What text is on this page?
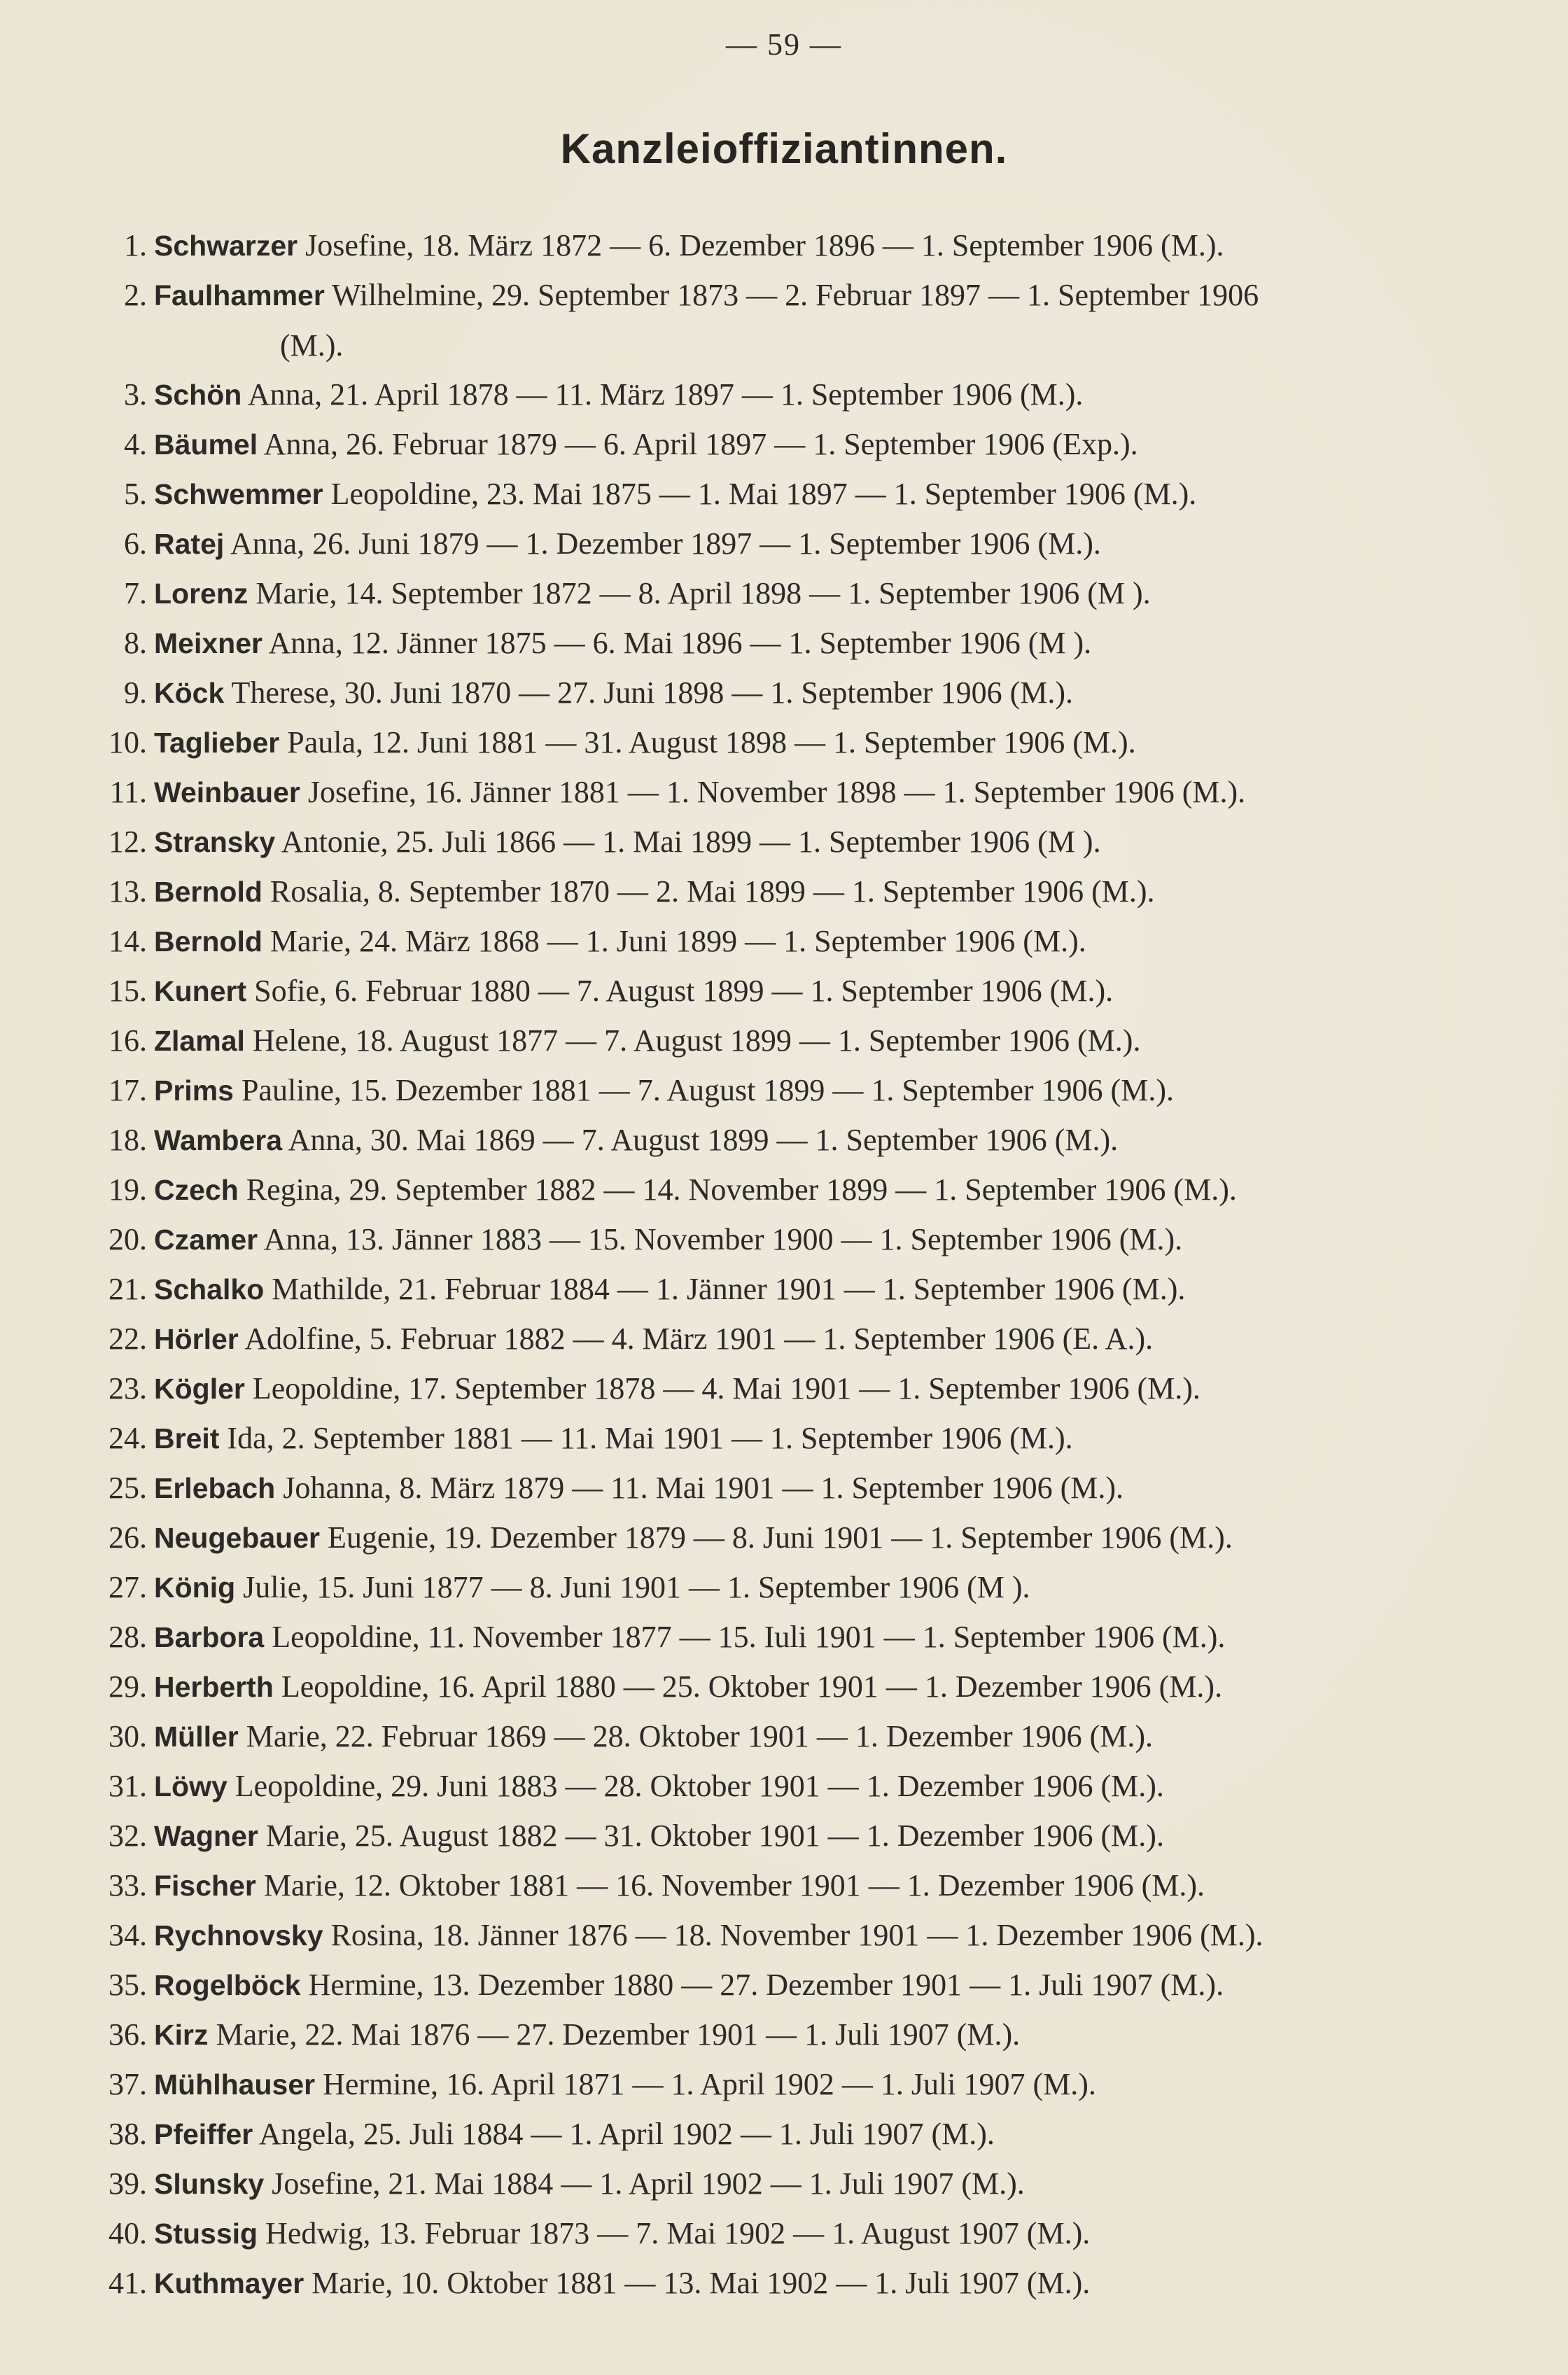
— 59 —
Kanzleioffiziantinnen.
1. Schwarzer Josefine, 18. März 1872 — 6. Dezember 1896 — 1. September 1906 (M.).
2. Faulhammer Wilhelmine, 29. September 1873 — 2. Februar 1897 — 1. September 1906
(M.).
3. Schön Anna, 21. April 1878 — 11. März 1897 — 1. September 1906 (M.).
4. Bäumel Anna, 26. Februar 1879 — 6. April 1897 — 1. September 1906 (Exp.).
5. Schwemmer Leopoldine, 23. Mai 1875 — 1. Mai 1897 — 1. September 1906 (M.).
6. Ratej Anna, 26. Juni 1879 — 1. Dezember 1897 — 1. September 1906 (M.).
7. Lorenz Marie, 14. September 1872 — 8. April 1898 — 1. September 1906 (M ).
8. Meixner Anna, 12. Jänner 1875 — 6. Mai 1896 — 1. September 1906 (M ).
9. Köck Therese, 30. Juni 1870 — 27. Juni 1898 — 1. September 1906 (M.).
10. Taglieber Paula, 12. Juni 1881 — 31. August 1898 — 1. September 1906 (M.).
11. Weinbauer Josefine, 16. Jänner 1881 — 1. November 1898 — 1. September 1906 (M.).
12. Stransky Antonie, 25. Juli 1866 — 1. Mai 1899 — 1. September 1906 (M ).
13. Bernold Rosalia, 8. September 1870 — 2. Mai 1899 — 1. September 1906 (M.).
14. Bernold Marie, 24. März 1868 — 1. Juni 1899 — 1. September 1906 (M.).
15. Kunert Sofie, 6. Februar 1880 — 7. August 1899 — 1. September 1906 (M.).
16. Zlamal Helene, 18. August 1877 — 7. August 1899 — 1. September 1906 (M.).
17. Prims Pauline, 15. Dezember 1881 — 7. August 1899 — 1. September 1906 (M.).
18. Wambera Anna, 30. Mai 1869 — 7. August 1899 — 1. September 1906 (M.).
19. Czech Regina, 29. September 1882 — 14. November 1899 — 1. September 1906 (M.).
20. Czamer Anna, 13. Jänner 1883 — 15. November 1900 — 1. September 1906 (M.).
21. Schalko Mathilde, 21. Februar 1884 — 1. Jänner 1901 — 1. September 1906 (M.).
22. Hörler Adolfine, 5. Februar 1882 — 4. März 1901 — 1. September 1906 (E. A.).
23. Kögler Leopoldine, 17. September 1878 — 4. Mai 1901 — 1. September 1906 (M.).
24. Breit Ida, 2. September 1881 — 11. Mai 1901 — 1. September 1906 (M.).
25. Erlebach Johanna, 8. März 1879 — 11. Mai 1901 — 1. September 1906 (M.).
26. Neugebauer Eugenie, 19. Dezember 1879 — 8. Juni 1901 — 1. September 1906 (M.).
27. König Julie, 15. Juni 1877 — 8. Juni 1901 — 1. September 1906 (M ).
28. Barbora Leopoldine, 11. November 1877 — 15. Iuli 1901 — 1. September 1906 (M.).
29. Herberth Leopoldine, 16. April 1880 — 25. Oktober 1901 — 1. Dezember 1906 (M.).
30. Müller Marie, 22. Februar 1869 — 28. Oktober 1901 — 1. Dezember 1906 (M.).
31. Löwy Leopoldine, 29. Juni 1883 — 28. Oktober 1901 — 1. Dezember 1906 (M.).
32. Wagner Marie, 25. August 1882 — 31. Oktober 1901 — 1. Dezember 1906 (M.).
33. Fischer Marie, 12. Oktober 1881 — 16. November 1901 — 1. Dezember 1906 (M.).
34. Rychnovsky Rosina, 18. Jänner 1876 — 18. November 1901 — 1. Dezember 1906 (M.).
35. Rogelböck Hermine, 13. Dezember 1880 — 27. Dezember 1901 — 1. Juli 1907 (M.).
36. Kirz Marie, 22. Mai 1876 — 27. Dezember 1901 — 1. Juli 1907 (M.).
37. Mühlhauser Hermine, 16. April 1871 — 1. April 1902 — 1. Juli 1907 (M.).
38. Pfeiffer Angela, 25. Juli 1884 — 1. April 1902 — 1. Juli 1907 (M.).
39. Slunsky Josefine, 21. Mai 1884 — 1. April 1902 — 1. Juli 1907 (M.).
40. Stussig Hedwig, 13. Februar 1873 — 7. Mai 1902 — 1. August 1907 (M.).
41. Kuthmayer Marie, 10. Oktober 1881 — 13. Mai 1902 — 1. Juli 1907 (M.).
